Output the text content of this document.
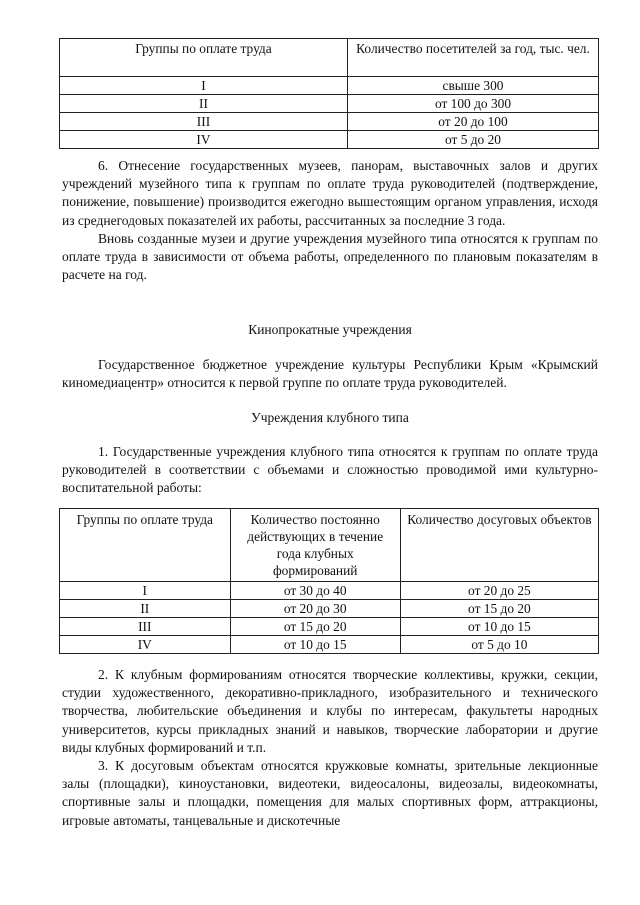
Группы по оплате труда	Количество посетителей за год, тыс. чел.
I	свыше 300
II	от 100 до 300
III	от 20 до 100
IV	от 5 до 20

6. Отнесение государственных музеев, панорам, выставочных залов и других учреждений музейного типа к группам по оплате труда руководителей (подтверждение, понижение, повышение) производится ежегодно вышестоящим органом управления, исходя из среднегодовых показателей их работы, рассчитанных за последние 3 года.

Вновь созданные музеи и другие учреждения музейного типа относятся к группам по оплате труда в зависимости от объема работы, определенного по плановым показателям в расчете на год.

Кинопрокатные учреждения

Государственное бюджетное учреждение культуры Республики Крым «Крымский киномедиацентр» относится к первой группе по оплате труда руководителей.

Учреждения клубного типа

1. Государственные учреждения клубного типа относятся к группам по оплате труда руководителей в соответствии с объемами и сложностью проводимой ими культурно-воспитательной работы:

Группы по оплате труда	Количество постоянно действующих в течение года клубных формирований	Количество досуговых объектов
I	от 30 до 40	от 20 до 25
II	от 20 до 30	от 15 до 20
III	от 15 до 20	от 10 до 15
IV	от 10 до 15	от 5 до 10

2. К клубным формированиям относятся творческие коллективы, кружки, секции, студии художественного, декоративно-прикладного, изобразительного и технического творчества, любительские объединения и клубы по интересам, факультеты народных университетов, курсы прикладных знаний и навыков, творческие лаборатории и другие виды клубных формирований и т.п.

3. К досуговым объектам относятся кружковые комнаты, зрительные лекционные залы (площадки), киноустановки, видеотеки, видеосалоны, видеозалы, видеокомнаты, спортивные залы и площадки, помещения для малых спортивных форм, аттракционы, игровые автоматы, танцевальные и дискотечные
